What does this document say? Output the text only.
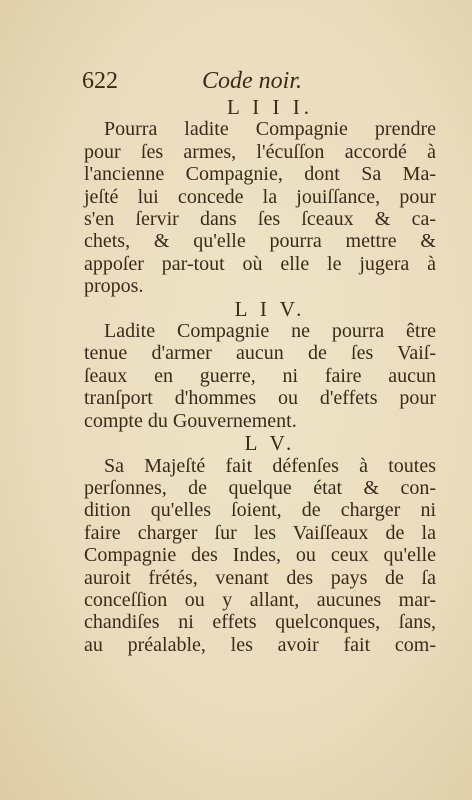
622	Code noir.
L I I I.
Pourra ladite Compagnie prendre
pour ſes armes, l'écuſſon accordé à
l'ancienne Compagnie, dont Sa Ma-
jeſté lui concede la jouiſſance, pour
s'en ſervir dans ſes ſceaux & ca-
chets, & qu'elle pourra mettre &
appoſer par-tout où elle le jugera à
propos.
L I V.
Ladite Compagnie ne pourra être
tenue d'armer aucun de ſes Vaiſ-
ſeaux en guerre, ni faire aucun
tranſport d'hommes ou d'effets pour
compte du Gouvernement.
L V.
Sa Majeſté fait défenſes à toutes
perſonnes, de quelque état & con-
dition qu'elles ſoient, de charger ni
faire charger ſur les Vaiſſeaux de la
Compagnie des Indes, ou ceux qu'elle
auroit frétés, venant des pays de ſa
conceſſion ou y allant, aucunes mar-
chandiſes ni effets quelconques, ſans,
au préalable, les avoir fait com-
